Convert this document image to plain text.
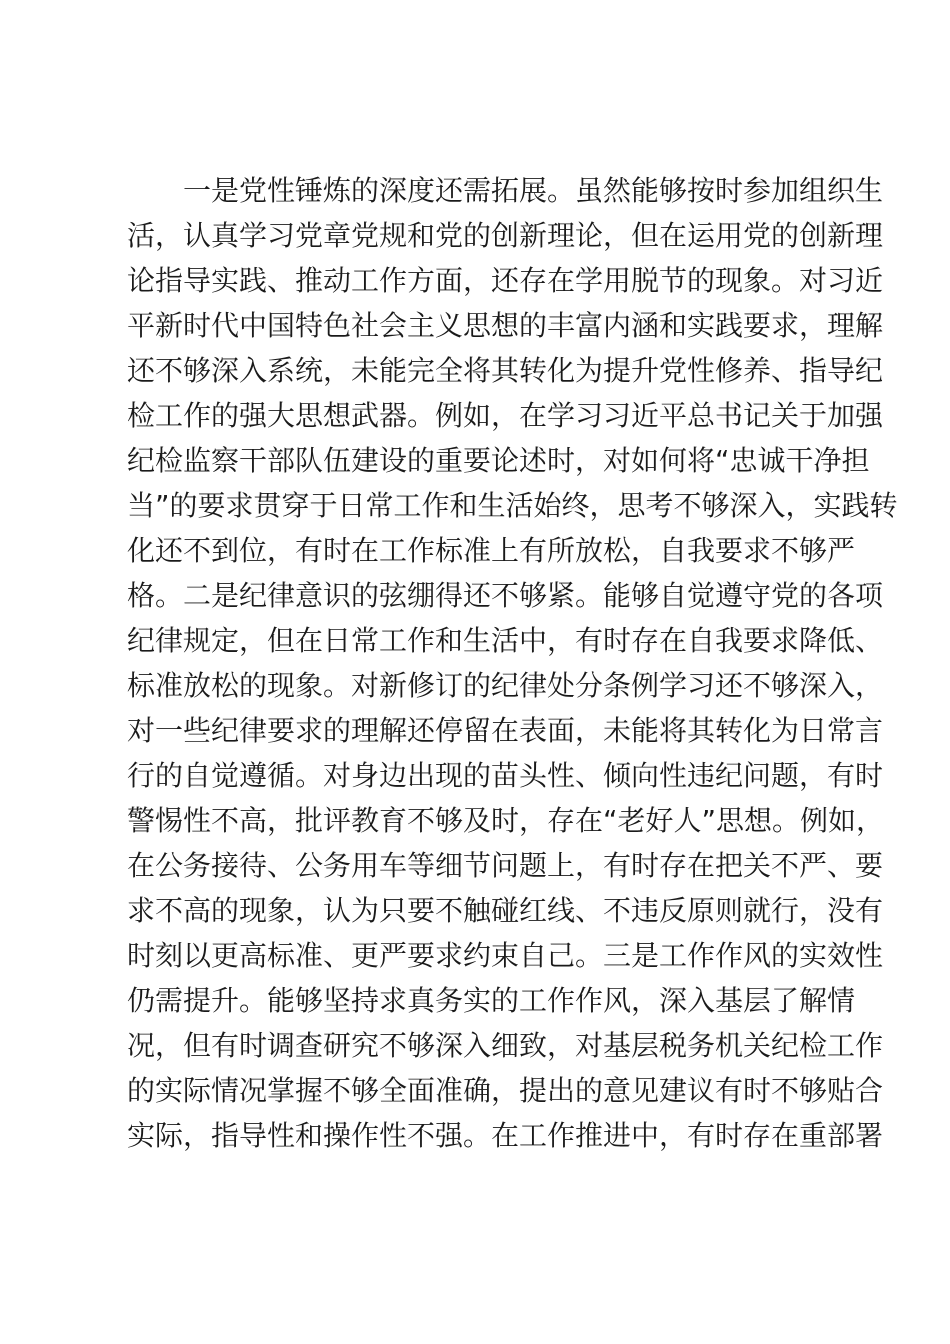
一是党性锤炼的深度还需拓展。虽然能够按时参加组织生
活，认真学习党章党规和党的创新理论，但在运用党的创新理
论指导实践、推动工作方面，还存在学用脱节的现象。对习近
平新时代中国特色社会主义思想的丰富内涵和实践要求，理解
还不够深入系统，未能完全将其转化为提升党性修养、指导纪
检工作的强大思想武器。例如，在学习习近平总书记关于加强
纪检监察干部队伍建设的重要论述时，对如何将“忠诚干净担
当”的要求贯穿于日常工作和生活始终，思考不够深入，实践转
化还不到位，有时在工作标准上有所放松，自我要求不够严
格。二是纪律意识的弦绷得还不够紧。能够自觉遵守党的各项
纪律规定，但在日常工作和生活中，有时存在自我要求降低、
标准放松的现象。对新修订的纪律处分条例学习还不够深入，
对一些纪律要求的理解还停留在表面，未能将其转化为日常言
行的自觉遵循。对身边出现的苗头性、倾向性违纪问题，有时
警惕性不高，批评教育不够及时，存在“老好人”思想。例如，
在公务接待、公务用车等细节问题上，有时存在把关不严、要
求不高的现象，认为只要不触碰红线、不违反原则就行，没有
时刻以更高标准、更严要求约束自己。三是工作作风的实效性
仍需提升。能够坚持求真务实的工作作风，深入基层了解情
况，但有时调查研究不够深入细致，对基层税务机关纪检工作
的实际情况掌握不够全面准确，提出的意见建议有时不够贴合
实际，指导性和操作性不强。在工作推进中，有时存在重部署
